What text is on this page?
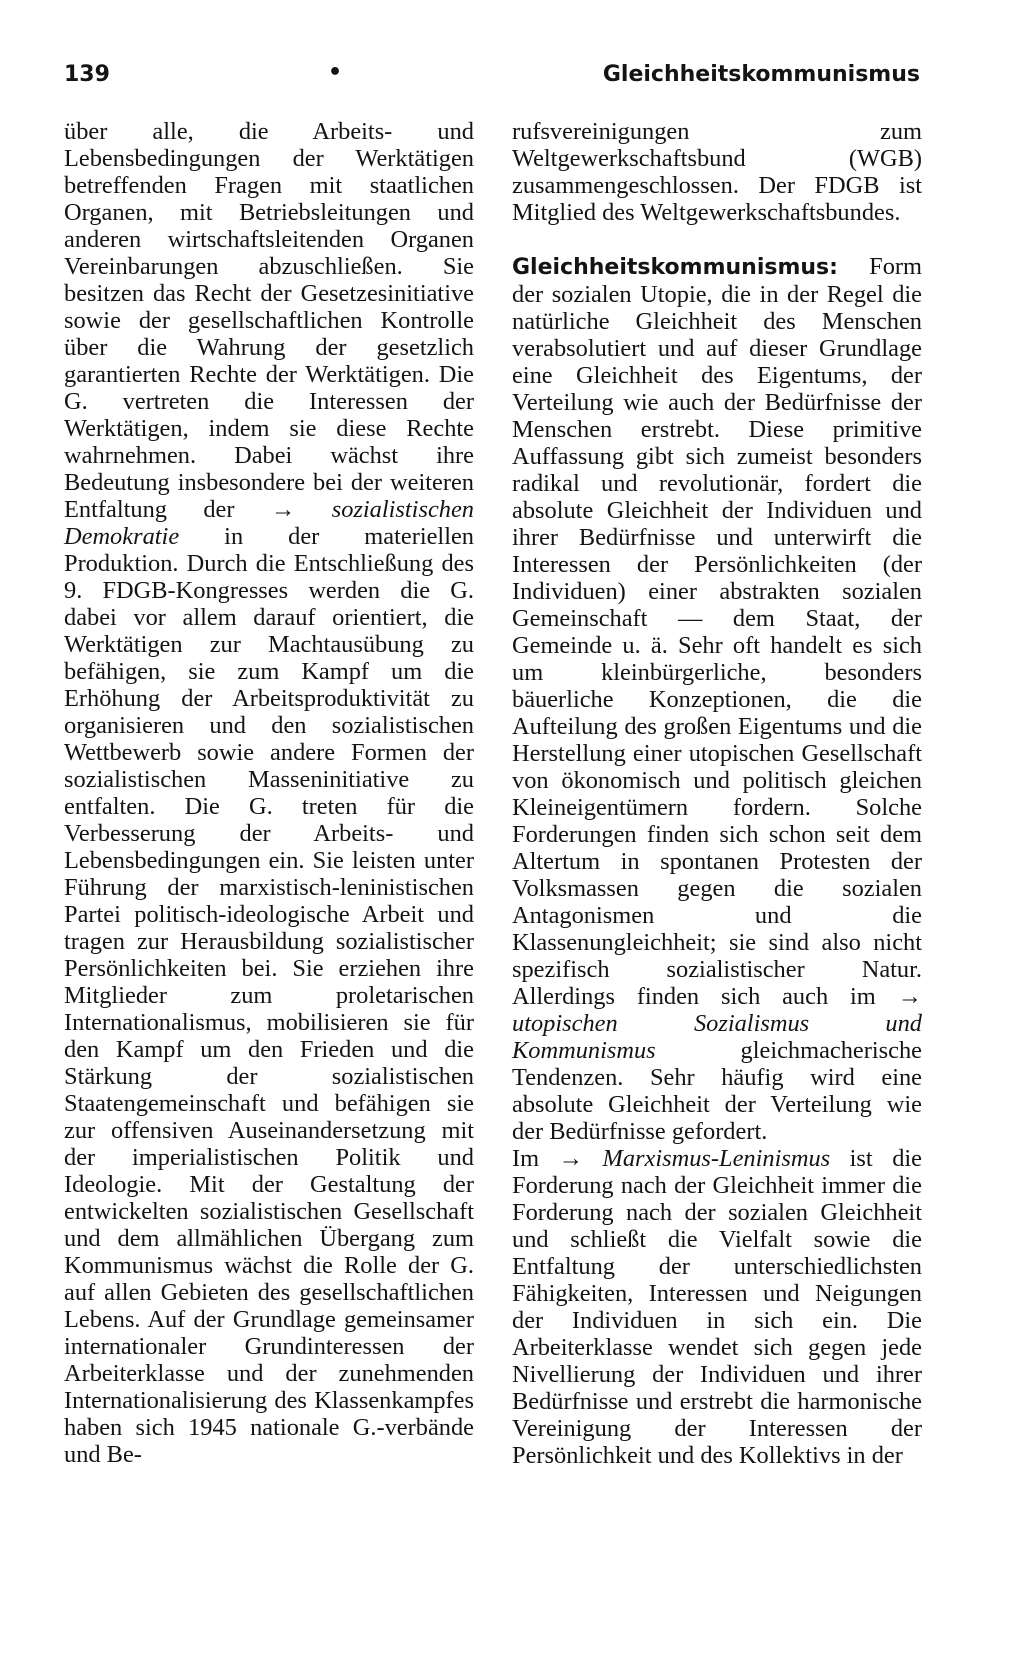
139	•	Gleichheitskommunismus

über alle, die Arbeits- und Lebensbedingungen der Werktätigen betreffenden Fragen mit staatlichen Organen, mit Betriebsleitungen und anderen wirtschaftsleitenden Organen Vereinbarungen abzuschließen. Sie besitzen das Recht der Gesetzesinitiative sowie der gesellschaftlichen Kontrolle über die Wahrung der gesetzlich garantierten Rechte der Werktätigen. Die G. vertreten die Interessen der Werktätigen, indem sie diese Rechte wahrnehmen. Dabei wächst ihre Bedeutung insbesondere bei der weiteren Entfaltung der → sozialistischen Demokratie in der materiellen Produktion. Durch die Entschließung des 9. FDGB-Kongresses werden die G. dabei vor allem darauf orientiert, die Werktätigen zur Machtausübung zu befähigen, sie zum Kampf um die Erhöhung der Arbeitsproduktivität zu organisieren und den sozialistischen Wettbewerb sowie andere Formen der sozialistischen Masseninitiative zu entfalten. Die G. treten für die Verbesserung der Arbeits- und Lebensbedingungen ein. Sie leisten unter Führung der marxistisch-leninistischen Partei politisch-ideologische Arbeit und tragen zur Herausbildung sozialistischer Persönlichkeiten bei. Sie erziehen ihre Mitglieder zum proletarischen Internationalismus, mobilisieren sie für den Kampf um den Frieden und die Stärkung der sozialistischen Staatengemeinschaft und befähigen sie zur offensiven Auseinandersetzung mit der imperialistischen Politik und Ideologie. Mit der Gestaltung der entwickelten sozialistischen Gesellschaft und dem allmählichen Übergang zum Kommunismus wächst die Rolle der G. auf allen Gebieten des gesellschaftlichen Lebens. Auf der Grundlage gemeinsamer internationaler Grundinteressen der Arbeiterklasse und der zunehmenden Internationalisierung des Klassenkampfes haben sich 1945 nationale G.-verbände und Be-

rufsvereinigungen zum Weltgewerkschaftsbund (WGB) zusammengeschlossen. Der FDGB ist Mitglied des Weltgewerkschaftsbundes.

Gleichheitskommunismus: Form der sozialen Utopie, die in der Regel die natürliche Gleichheit des Menschen verabsolutiert und auf dieser Grundlage eine Gleichheit des Eigentums, der Verteilung wie auch der Bedürfnisse der Menschen erstrebt. Diese primitive Auffassung gibt sich zumeist besonders radikal und revolutionär, fordert die absolute Gleichheit der Individuen und ihrer Bedürfnisse und unterwirft die Interessen der Persönlichkeiten (der Individuen) einer abstrakten sozialen Gemeinschaft — dem Staat, der Gemeinde u. ä. Sehr oft handelt es sich um kleinbürgerliche, besonders bäuerliche Konzeptionen, die die Aufteilung des großen Eigentums und die Herstellung einer utopischen Gesellschaft von ökonomisch und politisch gleichen Kleineigentümern fordern. Solche Forderungen finden sich schon seit dem Altertum in spontanen Protesten der Volksmassen gegen die sozialen Antagonismen und die Klassenungleichheit; sie sind also nicht spezifisch sozialistischer Natur. Allerdings finden sich auch im → utopischen Sozialismus und Kommunismus	gleichmacherische Tendenzen. Sehr häufig wird eine absolute Gleichheit der Verteilung wie der Bedürfnisse gefordert.

Im → Marxismus-Leninismus ist die Forderung nach der Gleichheit immer die Forderung nach der sozialen Gleichheit und schließt die Vielfalt sowie die Entfaltung der unterschiedlichsten Fähigkeiten, Interessen und Neigungen der Individuen in sich ein. Die Arbeiterklasse wendet sich gegen jede Nivellierung der Individuen und ihrer Bedürfnisse und erstrebt die harmonische Vereinigung der Interessen der Persönlichkeit und des Kollektivs in der
